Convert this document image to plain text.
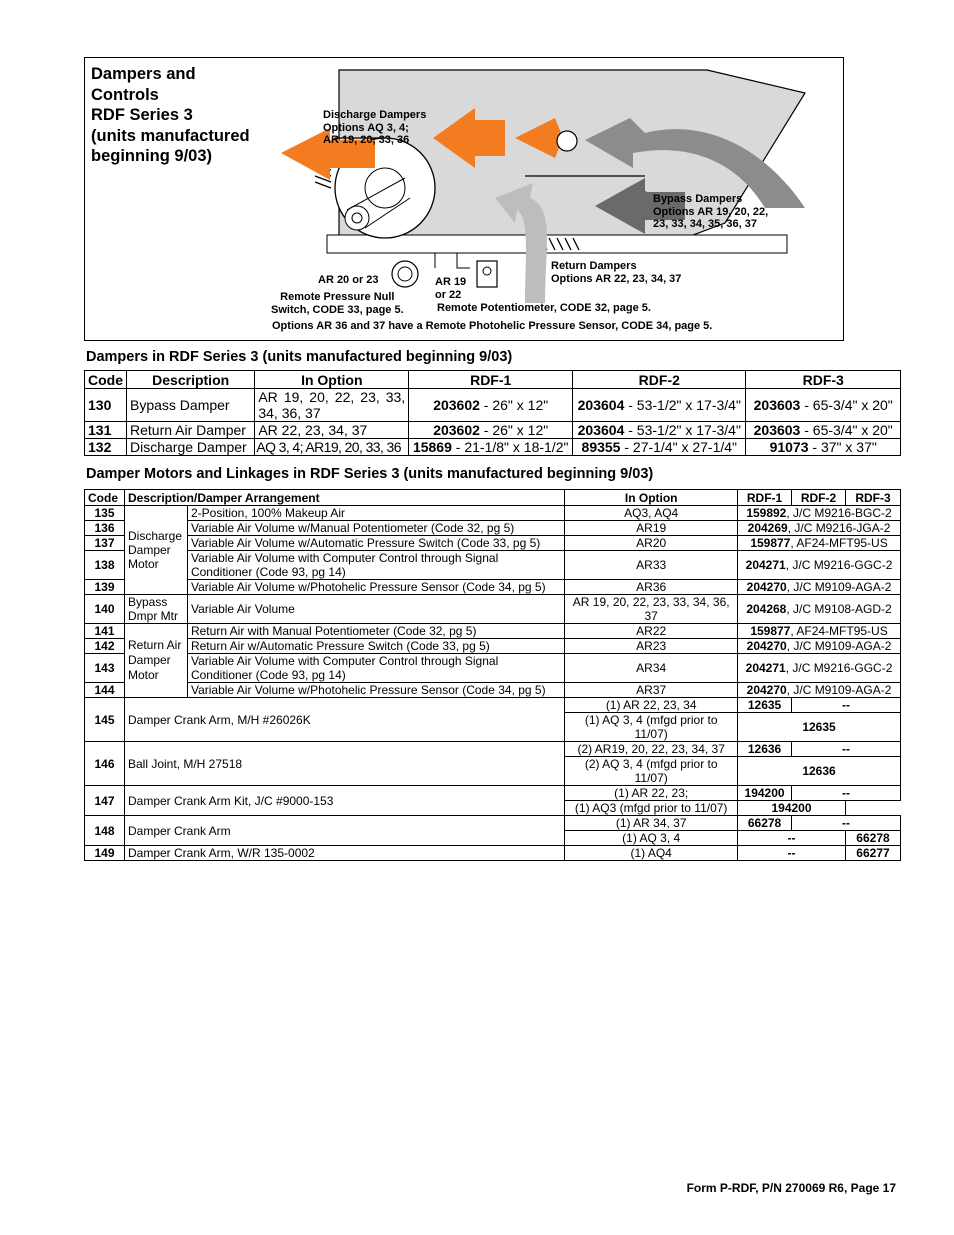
Dampers and
Controls
RDF Series 3
(units manufactured
beginning 9/03)
Discharge Dampers
Options AQ 3, 4;
AR 19, 20, 33, 36
Bypass Dampers
Options AR 19, 20, 22,
23, 33, 34, 35, 36, 37
Return Dampers
Options AR 22, 23, 34, 37
AR 20 or 23	AR 19
or 22
Remote Pressure Null
Switch, CODE 33, page 5.	Remote Potentiometer, CODE 32, page 5.
Options AR 36 and 37 have a Remote Photohelic Pressure Sensor, CODE 34, page 5.
Dampers in RDF Series 3 (units manufactured beginning 9/03)
Code	Description	In Option	RDF-1	RDF-2	RDF-3
130	Bypass Damper	AR 19, 20, 22, 23, 33, 34, 36, 37	203602 - 26" x 12"	203604 - 53-1/2" x 17-3/4"	203603 - 65-3/4" x 20"
131	Return Air Damper	AR 22, 23, 34, 37	203602 - 26" x 12"	203604 - 53-1/2" x 17-3/4"	203603 - 65-3/4" x 20"
132	Discharge Damper	AQ 3, 4; AR19, 20, 33, 36	15869 - 21-1/8" x 18-1/2"	89355 - 27-1/4" x 27-1/4"	91073 - 37" x 37"
Damper Motors and Linkages in RDF Series 3 (units manufactured beginning 9/03)
Code	Description/Damper Arrangement		In Option	RDF-1	RDF-2	RDF-3
135	Discharge
Damper
Motor	2-Position, 100% Makeup Air	AQ3, AQ4	159892, J/C M9216-BGC-2		
136		Variable Air Volume w/Manual Potentiometer (Code 32, pg 5)	AR19	204269, J/C M9216-JGA-2		
137		Variable Air Volume w/Automatic Pressure Switch (Code 33, pg 5)	AR20	159877, AF24-MFT95-US		
138		Variable Air Volume with Computer Control through Signal Conditioner (Code 93, pg 14)	AR33	204271, J/C M9216-GGC-2		
139		Variable Air Volume w/Photohelic Pressure Sensor (Code 34, pg 5)	AR36	204270, J/C M9109-AGA-2		
140	Bypass
Dmpr Mtr	Variable Air Volume	AR 19, 20, 22, 23, 33, 34, 36, 37	204268, J/C M9108-AGD-2		
141	Return Air
Damper
Motor	Return Air with Manual Potentiometer (Code 32, pg 5)	AR22	159877, AF24-MFT95-US		
142		Return Air w/Automatic Pressure Switch (Code 33, pg 5)	AR23	204270, J/C M9109-AGA-2		
143		Variable Air Volume with Computer Control through Signal Conditioner (Code 93, pg 14)	AR34	204271, J/C M9216-GGC-2		
144		Variable Air Volume w/Photohelic Pressure Sensor (Code 34, pg 5)	AR37	204270, J/C M9109-AGA-2		
145	Damper Crank Arm, M/H #26026K		(1) AR 22, 23, 34	12635	--	
			(1) AQ 3, 4 (mfgd prior to 11/07)	12635		
146	Ball Joint, M/H 27518		(2) AR19, 20, 22, 23, 34, 37	12636	--	
			(2) AQ 3, 4 (mfgd prior to 11/07)	12636		
147	Damper Crank Arm Kit, J/C #9000-153		(1) AR 22, 23;	194200	--	
			(1) AQ3 (mfgd prior to 11/07)	194200		
148	Damper Crank Arm		(1) AR 34, 37	66278	--	
			(1) AQ 3, 4	--		66278
149	Damper Crank Arm, W/R 135-0002		(1) AQ4	--		66277
Form P-RDF, P/N 270069 R6, Page 17
